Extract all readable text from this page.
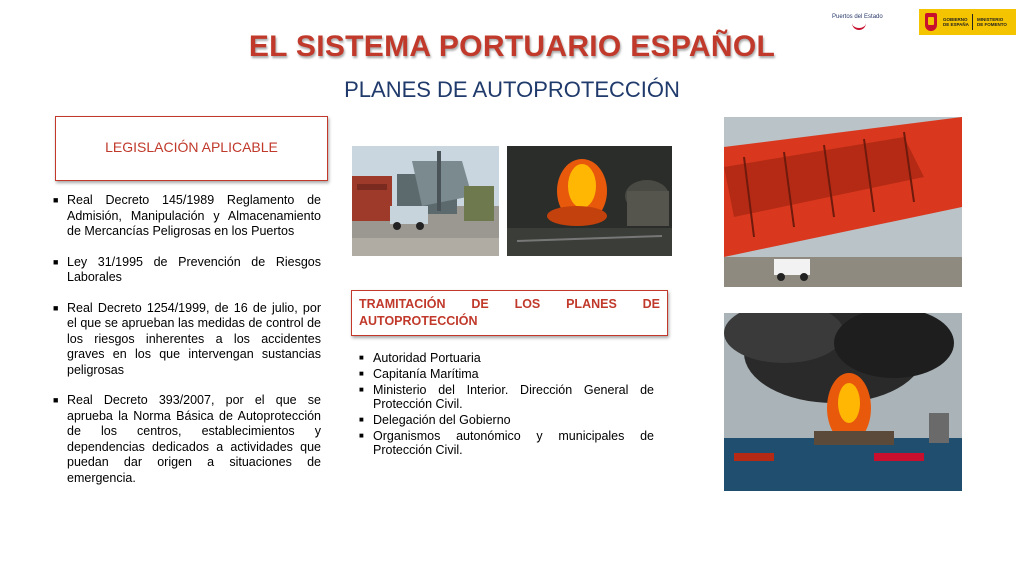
Puertos del Estado	GOBIERNO
DE ESPAÑA
MINISTERIO
DE FOMENTO
EL SISTEMA PORTUARIO ESPAÑOL
PLANES DE AUTOPROTECCIÓN
LEGISLACIÓN APLICABLE
■ Real Decreto 145/1989 Reglamento de Admisión, Manipulación y Almacenamiento de Mercancías Peligrosas en los Puertos
■ Ley 31/1995 de Prevención de Riesgos Laborales
■ Real Decreto 1254/1999, de 16 de julio, por el que se aprueban las medidas de control de los riesgos inherentes a los accidentes graves en los que intervengan sustancias peligrosas
■ Real Decreto 393/2007, por el que se aprueba la Norma Básica de Autoprotección de los centros, establecimientos y dependencias dedicados a actividades que puedan dar origen a situaciones de emergencia.
TRAMITACIÓN DE LOS PLANES DE
AUTOPROTECCIÓN
■ Autoridad Portuaria
■ Capitanía Marítima
■ Ministerio del Interior. Dirección General de Protección Civil.
■ Delegación del Gobierno
■ Organismos autonómico y municipales de Protección Civil.
